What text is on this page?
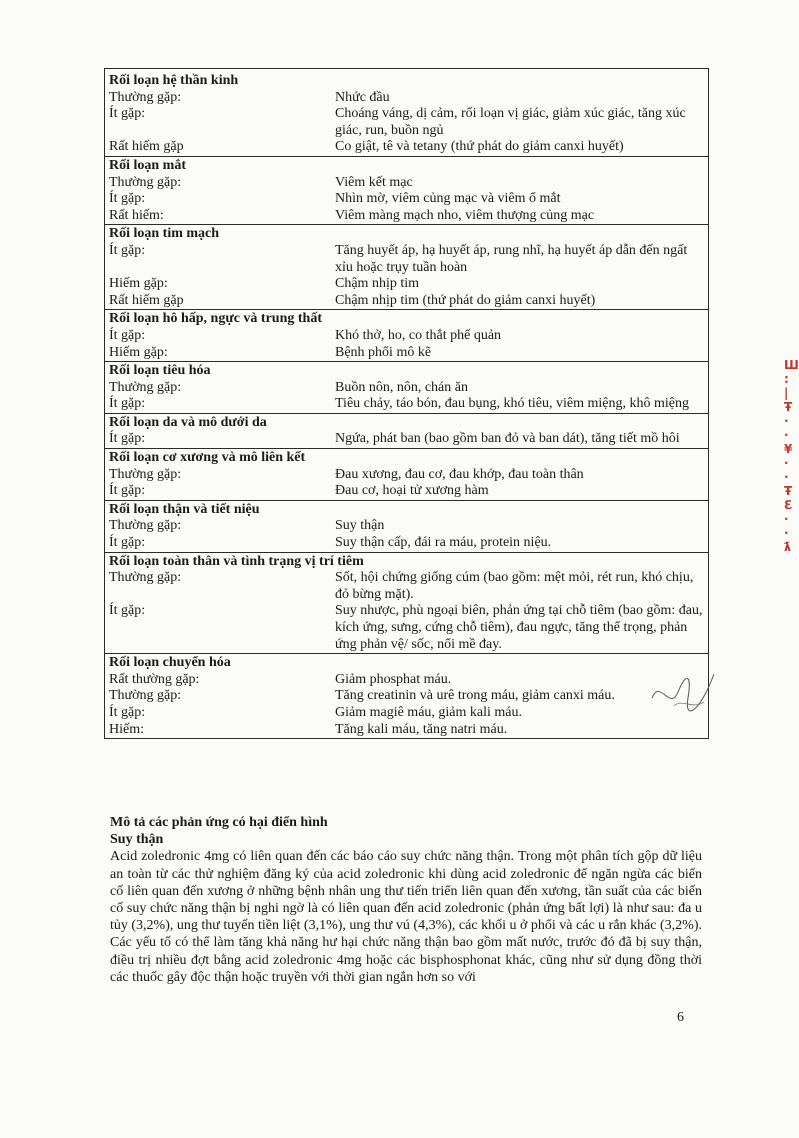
Rối loạn hệ thần kinh	
Thường gặp:	Nhức đầu
Ít gặp:	Choáng váng, dị cảm, rối loạn vị giác, giảm xúc giác, tăng xúc giác, run, buồn ngủ
Rất hiếm gặp	Co giật, tê và tetany (thứ phát do giảm canxi huyết)
Rối loạn mắt	
Thường gặp:	Viêm kết mạc
Ít gặp:	Nhìn mờ, viêm củng mạc và viêm ổ mắt
Rất hiếm:	Viêm màng mạch nho, viêm thượng củng mạc
Rối loạn tim mạch	
Ít gặp:	Tăng huyết áp, hạ huyết áp, rung nhĩ, hạ huyết áp dẫn đến ngất xỉu hoặc trụy tuần hoàn
Hiếm gặp:	Chậm nhịp tim
Rất hiếm gặp	Chậm nhịp tim (thứ phát do giảm canxi huyết)
Rối loạn hô hấp, ngực và trung thất	
Ít gặp:	Khó thở, ho, co thắt phế quản
Hiếm gặp:	Bệnh phổi mô kẽ
Rối loạn tiêu hóa	
Thường gặp:	Buồn nôn, nôn, chán ăn
Ít gặp:	Tiêu chảy, táo bón, đau bụng, khó tiêu, viêm miệng, khô miệng
Rối loạn da và mô dưới da	
Ít gặp:	Ngứa, phát ban (bao gồm ban đỏ và ban dát), tăng tiết mồ hôi
Rối loạn cơ xương và mô liên kết	
Thường gặp:	Đau xương, đau cơ, đau khớp, đau toàn thân
Ít gặp:	Đau cơ, hoại tử xương hàm
Rối loạn thận và tiết niệu	
Thường gặp:	Suy thận
Ít gặp:	Suy thận cấp, đái ra máu, protein niệu.
Rối loạn toàn thân và tình trạng vị trí tiêm	
Thường gặp:	Sốt, hội chứng giống cúm (bao gồm: mệt mỏi, rét run, khó chịu, đỏ bừng mặt).
Ít gặp:	Suy nhược, phù ngoại biên, phản ứng tại chỗ tiêm (bao gồm: đau, kích ứng, sưng, cứng chỗ tiêm), đau ngực, tăng thể trọng, phản ứng phản vệ/ sốc, nổi mề đay.
Rối loạn chuyển hóa	
Rất thường gặp:	Giảm phosphat máu.
Thường gặp:	Tăng creatinin và urê trong máu, giảm canxi máu.
Ít gặp:	Giảm magiê máu, giảm kali máu.
Hiếm:	Tăng kali máu, tăng natri máu.
Mô tả các phản ứng có hại điển hình
Suy thận

Acid zoledronic 4mg có liên quan đến các báo cáo suy chức năng thận. Trong một phân tích gộp dữ liệu an toàn từ các thử nghiệm đăng ký của acid zoledronic khi dùng acid zoledronic để ngăn ngừa các biến cố liên quan đến xương ở những bệnh nhân ung thư tiến triển liên quan đến xương, tần suất của các biến cố suy chức năng thận bị nghi ngờ là có liên quan đến acid zoledronic (phản ứng bất lợi) là như sau: đa u tủy (3,2%), ung thư tuyến tiền liệt (3,1%), ung thư vú (4,3%), các khối u ở phổi và các u rắn khác (3,2%). Các yếu tố có thể làm tăng khả năng hư hại chức năng thận bao gồm mất nước, trước đó đã bị suy thận, điều trị nhiều đợt bằng acid zoledronic 4mg hoặc các bisphosphonat khác, cũng như sử dụng đồng thời các thuốc gây độc thận hoặc truyền với thời gian ngắn hơn so với

6
Ш
:
|
Ŧ
·
·
¥
·
·
Ŧ
ℇ
·
·
ƛ
